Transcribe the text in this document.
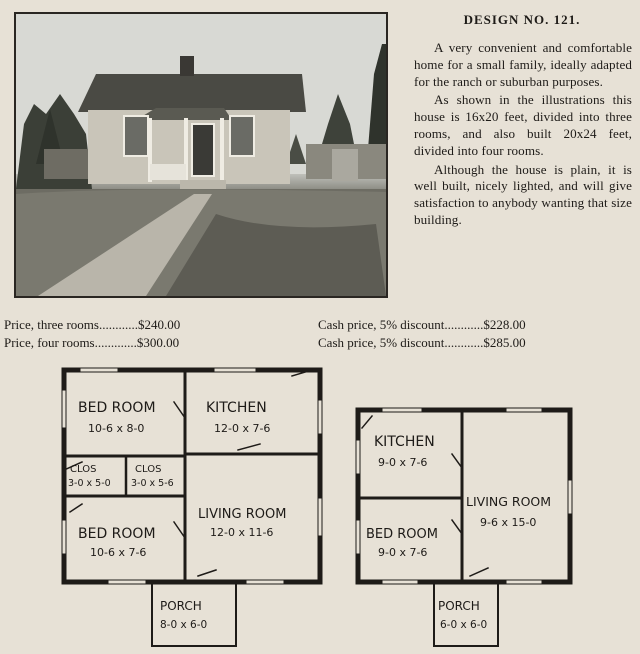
DESIGN NO. 121.

A very convenient and comfortable home for a small family, ideally adapted for the ranch or suburban purposes.

As shown in the illustrations this house is 16x20 feet, divided into three rooms, and also built 20x24 feet, divided into four rooms.

Although the house is plain, it is well built, nicely lighted, and will give satisfaction to anybody wanting that size building.

Price, three rooms............$240.00
Price, four rooms.............$300.00
Cash price, 5% discount............$228.00
Cash price, 5% discount............$285.00
BED ROOM
10-6 x 8-0
KITCHEN
12-0 x 7-6
CLOS
3-0 x 5-0
CLOS
3-0 x 5-6
BED ROOM
10-6 x 7-6
LIVING ROOM
12-0 x 11-6
PORCH
8-0 x 6-0
KITCHEN
9-0 x 7-6
LIVING ROOM
9-6 x 15-0
BED ROOM
9-0 x 7-6
PORCH
6-0 x 6-0
